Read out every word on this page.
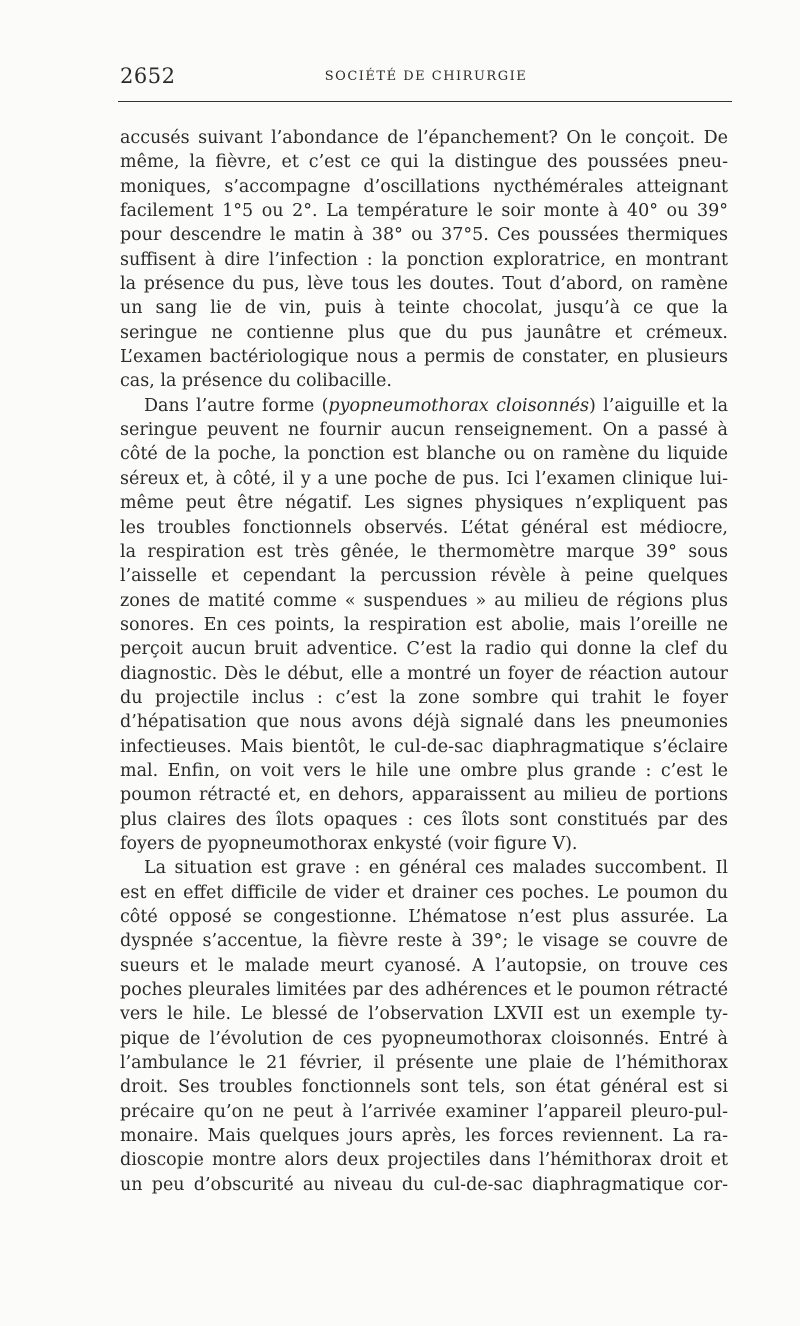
2652	SOCIÉTÉ DE CHIRURGIE
accusés suivant l’abondance de l’épanchement? On le conçoit. De
même, la fièvre, et c’est ce qui la distingue des poussées pneu-
moniques, s’accompagne d’oscillations nycthémérales atteignant
facilement 1°5 ou 2°. La température le soir monte à 40° ou 39°
pour descendre le matin à 38° ou 37°5. Ces poussées thermiques
suffisent à dire l’infection : la ponction exploratrice, en montrant
la présence du pus, lève tous les doutes. Tout d’abord, on ramène
un sang lie de vin, puis à teinte chocolat, jusqu’à ce que la
seringue ne contienne plus que du pus jaunâtre et crémeux.
L’examen bactériologique nous a permis de constater, en plusieurs
cas, la présence du colibacille.
Dans l’autre forme (pyopneumothorax cloisonnés) l’aiguille et la
seringue peuvent ne fournir aucun renseignement. On a passé à
côté de la poche, la ponction est blanche ou on ramène du liquide
séreux et, à côté, il y a une poche de pus. Ici l’examen clinique lui-
même peut être négatif. Les signes physiques n’expliquent pas
les troubles fonctionnels observés. L’état général est médiocre,
la respiration est très gênée, le thermomètre marque 39° sous
l’aisselle et cependant la percussion révèle à peine quelques
zones de matité comme « suspendues » au milieu de régions plus
sonores. En ces points, la respiration est abolie, mais l’oreille ne
perçoit aucun bruit adventice. C’est la radio qui donne la clef du
diagnostic. Dès le début, elle a montré un foyer de réaction autour
du projectile inclus : c’est la zone sombre qui trahit le foyer
d’hépatisation que nous avons déjà signalé dans les pneumonies
infectieuses. Mais bientôt, le cul-de-sac diaphragmatique s’éclaire
mal. Enfin, on voit vers le hile une ombre plus grande : c’est le
poumon rétracté et, en dehors, apparaissent au milieu de portions
plus claires des îlots opaques : ces îlots sont constitués par des
foyers de pyopneumothorax enkysté (voir figure V).
La situation est grave : en général ces malades succombent. Il
est en effet difficile de vider et drainer ces poches. Le poumon du
côté opposé se congestionne. L’hématose n’est plus assurée. La
dyspnée s’accentue, la fièvre reste à 39°; le visage se couvre de
sueurs et le malade meurt cyanosé. A l’autopsie, on trouve ces
poches pleurales limitées par des adhérences et le poumon rétracté
vers le hile. Le blessé de l’observation LXVII est un exemple ty-
pique de l’évolution de ces pyopneumothorax cloisonnés. Entré à
l’ambulance le 21 février, il présente une plaie de l’hémithorax
droit. Ses troubles fonctionnels sont tels, son état général est si
précaire qu’on ne peut à l’arrivée examiner l’appareil pleuro-pul-
monaire. Mais quelques jours après, les forces reviennent. La ra-
dioscopie montre alors deux projectiles dans l’hémithorax droit et
un peu d’obscurité au niveau du cul-de-sac diaphragmatique cor-
